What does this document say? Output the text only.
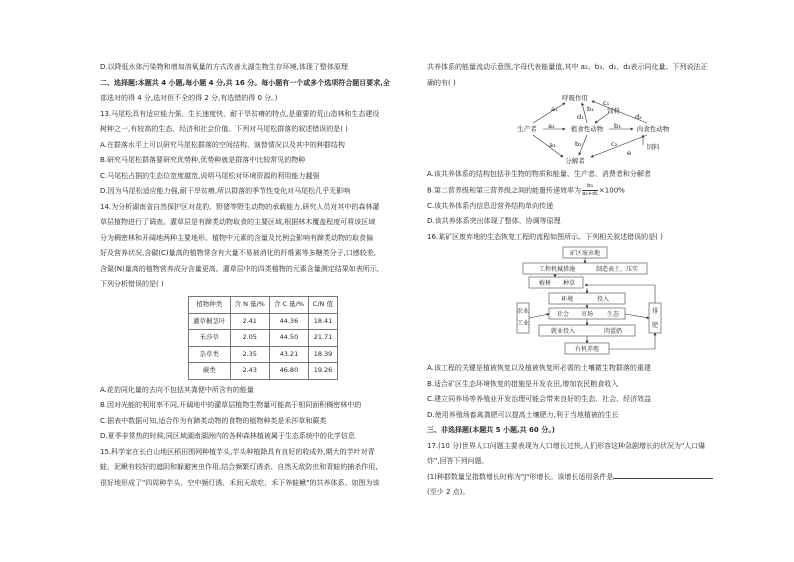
D.以降低水体污染物和增加溶氧量的方式改善太湖生物生存环境,体现了整体原理

二、选择题:本题共 4 小题,每小题 4 分,共 16 分。每小题有一个或多个选项符合题目要求,全

部选对的得 4 分,选对但不全的得 2 分,有选错的得 0 分。)

13.马尾松具有适应能力强、生长速度快、耐干旱贫瘠的特点,是重要的荒山造林和生态建设

树种之一,有较高的生态、经济和社会价值。下列对马尾松群落的叙述错误的是( )

A.在群落水平上可以研究马尾松群落的空间结构、演替情况以及其中的种群结构

B.研究马尾松群落要研究优势种,优势种就是群落中比较常见的物种

C.马尾松占据的生态位宽度越宽,说明马尾松对环境资源的利用能力越强

D.因为马尾松适应能力强,耐干旱贫瘠,所以群落的季节性变化对马尾松几乎无影响

14.为分析湖南省自然保护区对花豹、野猪等野生动物的承载能力,研究人员对其中的森林灌

草层植物进行了调查。灌草层是有蹄类动物取食的主要区域,根据林木覆盖程度可将该区域

分为稠密林和开阔地两种主要地形。植物中元素的含量及比例会影响有蹄类动物的取食偏

好及营养状况,含碳(C)量高的植物常含有大量不易被消化的纤维素等多糖类分子,口感较差,

含氮(N)量高的植物营养成分含量更高。灌草层中的四类植物的元素含量测定结果如表所示,

下列分析错误的是( )

植物种类	含 N 量/%	含 C 量/%	C/N 值
灌草桐茎叶	2.41	44.36	18.41
禾莎草	2.05	44.50	21.71
杂草类	2.35	43.21	18.39
蕨类	2.43	46.80	19.26

A.花豹同化量的去向不包括其粪便中所含有的能量

B.因对光能的利用率不同,开阔地中的灌草层植物生物量可能高于相同面积稠密林中的

C.据表中数据可知,适合作为有蹄类动物的食物的植物种类是禾莎草和蕨类

D.夏季非常热的时候,同区域湖南湖洲内的各种森林植被属于生态系统中的化学信息

15.科学家在长白山地区稻田围网种植芋头,芋头种植除具有良好的收成外,期大的芋叶对青

蛙、泥鳅有较好的遮阴和躲避害虫作用,结合频繁灯诱杀、自然天敌防虫和青蛙的捕杀作用,

很好地形成了"四周种芋头、空中频灯诱、禾间天敌吃、禾下养蛙鳅"的共养体系。如图为该

共养体系的能量流动示意图,字母代表能量值,其中 a₂、b₃、d₁、d₂表示同化量。下列说法正

确的有( )

呼吸作用
饲料
生产者	植食性动物	肉食性动物
分解者
饲料
a₁	b₁
c₁
a₂	b₃
d₁	d₂
a₃	b₂	c₂
e

A.该共养体系的结构包括非生物的物质和能量、生产者、消费者和分解者

B.第二营养级和第三营养级之间的能量传递效率为 $\frac{\text{b₃}}{\text{a₂+d₁}} \times 100\%$

C.该共养体系内信息沿营养结构单向传递

D.该共养体系突出体现了整体、协调等原理

16.某矿区废弃地的生态恢复工程的流程如图所示。下列相关叙述错误的是( )

矿区废弃地
工程机械措施	制造表土、压实
植树 种草
环境	投入
社会 市场 生态
就业投入	肉蛋奶
有机养殖
农业
工业	肥
排

A.该工程的关键是植被恢复以及植被恢复所必需的土壤微生物群落的重建

B.适合矿区生态环境恢复的措施是开发农田,增加农民粮食收入

C.建立同养场等养殖业开发治理可能会带来良好的生态、社会、经济效益

D.使用养殖场畜禽粪肥可以提高土壤肥力,利于当地植被的生长

三、非选择题(本题共 5 小题,共 60 分。)

17.(10 分)世界人口问题主要表现为人口增长过快,人们形容这种急剧增长的状况为"人口爆

炸",回答下列问题。

(1)种群数量呈指数增长时称为"J"形增长。该增长适用条件是

(至少 2 点)。
